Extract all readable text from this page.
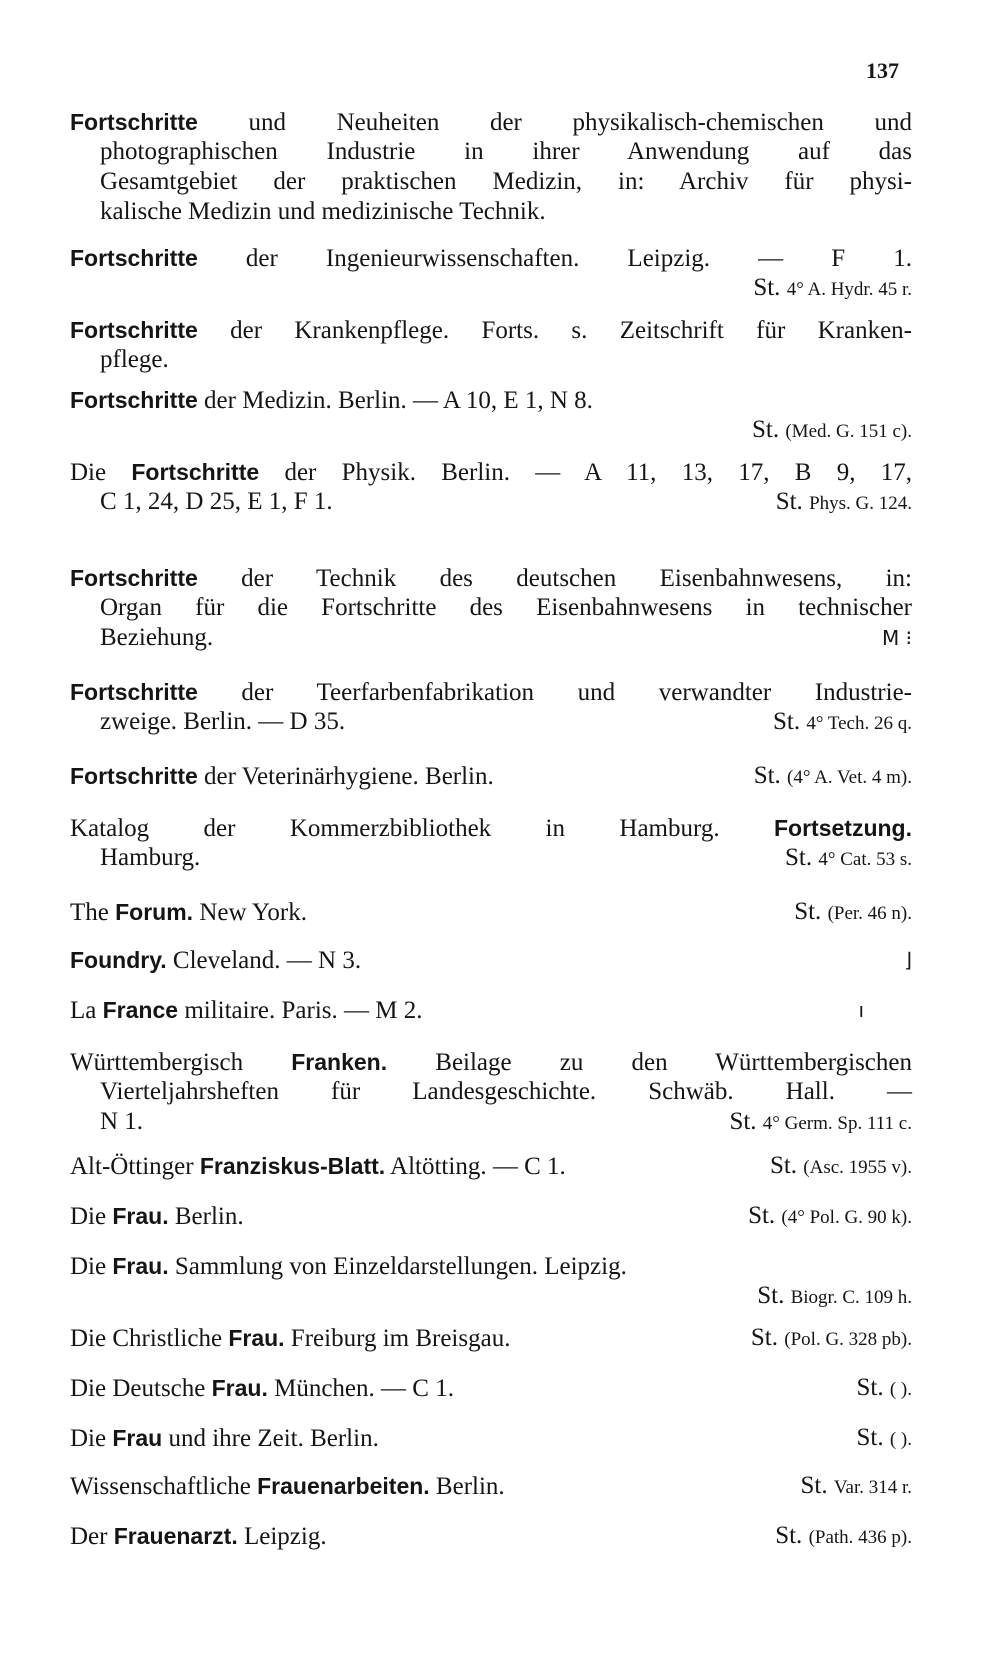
137
Fortschritte und Neuheiten der physikalisch-chemischen und
photographischen Industrie in ihrer Anwendung auf das
Gesamtgebiet der praktischen Medizin, in: Archiv für physi-
kalische Medizin und medizinische Technik.
Fortschritte der Ingenieurwissenschaften. Leipzig. — F 1.
St. 4° A. Hydr. 45 r.
Fortschritte der Krankenpflege. Forts. s. Zeitschrift für Kranken-
pflege.
Fortschritte der Medizin. Berlin. — A 10, E 1, N 8.
St. (Med. G. 151 c).
Die Fortschritte der Physik. Berlin. — A 11, 13, 17, B 9, 17,
C 1, 24, D 25, E 1, F 1.	St. Phys. G. 124.
Fortschritte der Technik des deutschen Eisenbahnwesens, in:
Organ für die Fortschritte des Eisenbahnwesens in technischer
Beziehung.	M ⁝
Fortschritte der Teerfarbenfabrikation und verwandter Industrie-
zweige. Berlin. — D 35.	St. 4° Tech. 26 q.
Fortschritte der Veterinärhygiene. Berlin.	St. (4° A. Vet. 4 m).
Katalog der Kommerzbibliothek in Hamburg. Fortsetzung.
Hamburg.	St. 4° Cat. 53 s.
The Forum. New York.	St. (Per. 46 n).
Foundry. Cleveland. — N 3.	⌋
La France militaire. Paris. — M 2.	ı
Württembergisch Franken. Beilage zu den Württembergischen
Vierteljahrsheften für Landesgeschichte. Schwäb. Hall. —
N 1.	St. 4° Germ. Sp. 111 c.
Alt-Öttinger Franziskus-Blatt. Altötting. — C 1.	St. (Asc. 1955 v).
Die Frau. Berlin.	St. (4° Pol. G. 90 k).
Die Frau. Sammlung von Einzeldarstellungen. Leipzig.
St. Biogr. C. 109 h.
Die Christliche Frau. Freiburg im Breisgau.	St. (Pol. G. 328 pb).
Die Deutsche Frau. München. — C 1.	St. ( ).
Die Frau und ihre Zeit. Berlin.	St. ( ).
Wissenschaftliche Frauenarbeiten. Berlin.	St. Var. 314 r.
Der Frauenarzt. Leipzig.	St. (Path. 436 p).
